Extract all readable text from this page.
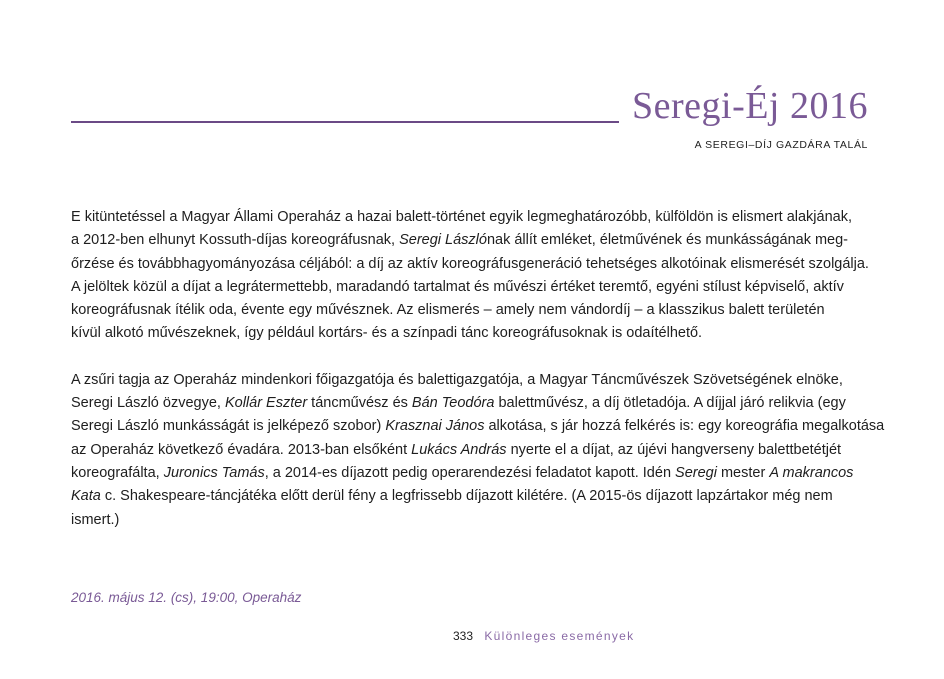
Seregi-Éj 2016
A SEREGI–DÍJ GAZDÁRA TALÁL

E kitüntetéssel a Magyar Állami Operaház a hazai balett-történet egyik legmeghatározóbb, külföldön is elismert alakjának,
a 2012-ben elhunyt Kossuth-díjas koreográfusnak, Seregi Lászlónak állít emléket, életművének és munkásságának meg-
őrzése és továbbhagyományozása céljából: a díj az aktív koreográfusgeneráció tehetséges alkotóinak elismerését szolgálja.
A jelöltek közül a díjat a legrátermettebb, maradandó tartalmat és művészi értéket teremtő, egyéni stílust képviselő, aktív
koreográfusnak ítélik oda, évente egy művésznek. Az elismerés – amely nem vándordíj – a klasszikus balett területén
kívül alkotó művészeknek, így például kortárs- és a színpadi tánc koreográfusoknak is odaítélhető.

A zsűri tagja az Operaház mindenkori főigazgatója és balettigazgatója, a Magyar Táncművészek Szövetségének elnöke,
Seregi László özvegye, Kollár Eszter táncművész és Bán Teodóra balettművész, a díj ötletadója. A díjjal járó relikvia (egy
Seregi László munkásságát is jelképező szobor) Krasznai János alkotása, s jár hozzá felkérés is: egy koreográfia megalkotása
az Operaház következő évadára. 2013-ban elsőként Lukács András nyerte el a díjat, az újévi hangverseny balettbetétjét
koreografálta, Juronics Tamás, a 2014-es díjazott pedig operarendezési feladatot kapott. Idén Seregi mester A makrancos
Kata c. Shakespeare-táncjátéka előtt derül fény a legfrissebb díjazott kilétére. (A 2015-ös díjazott lapzártakor még nem
ismert.)

2016. május 12. (cs), 19:00, Operaház
333 Különleges események
